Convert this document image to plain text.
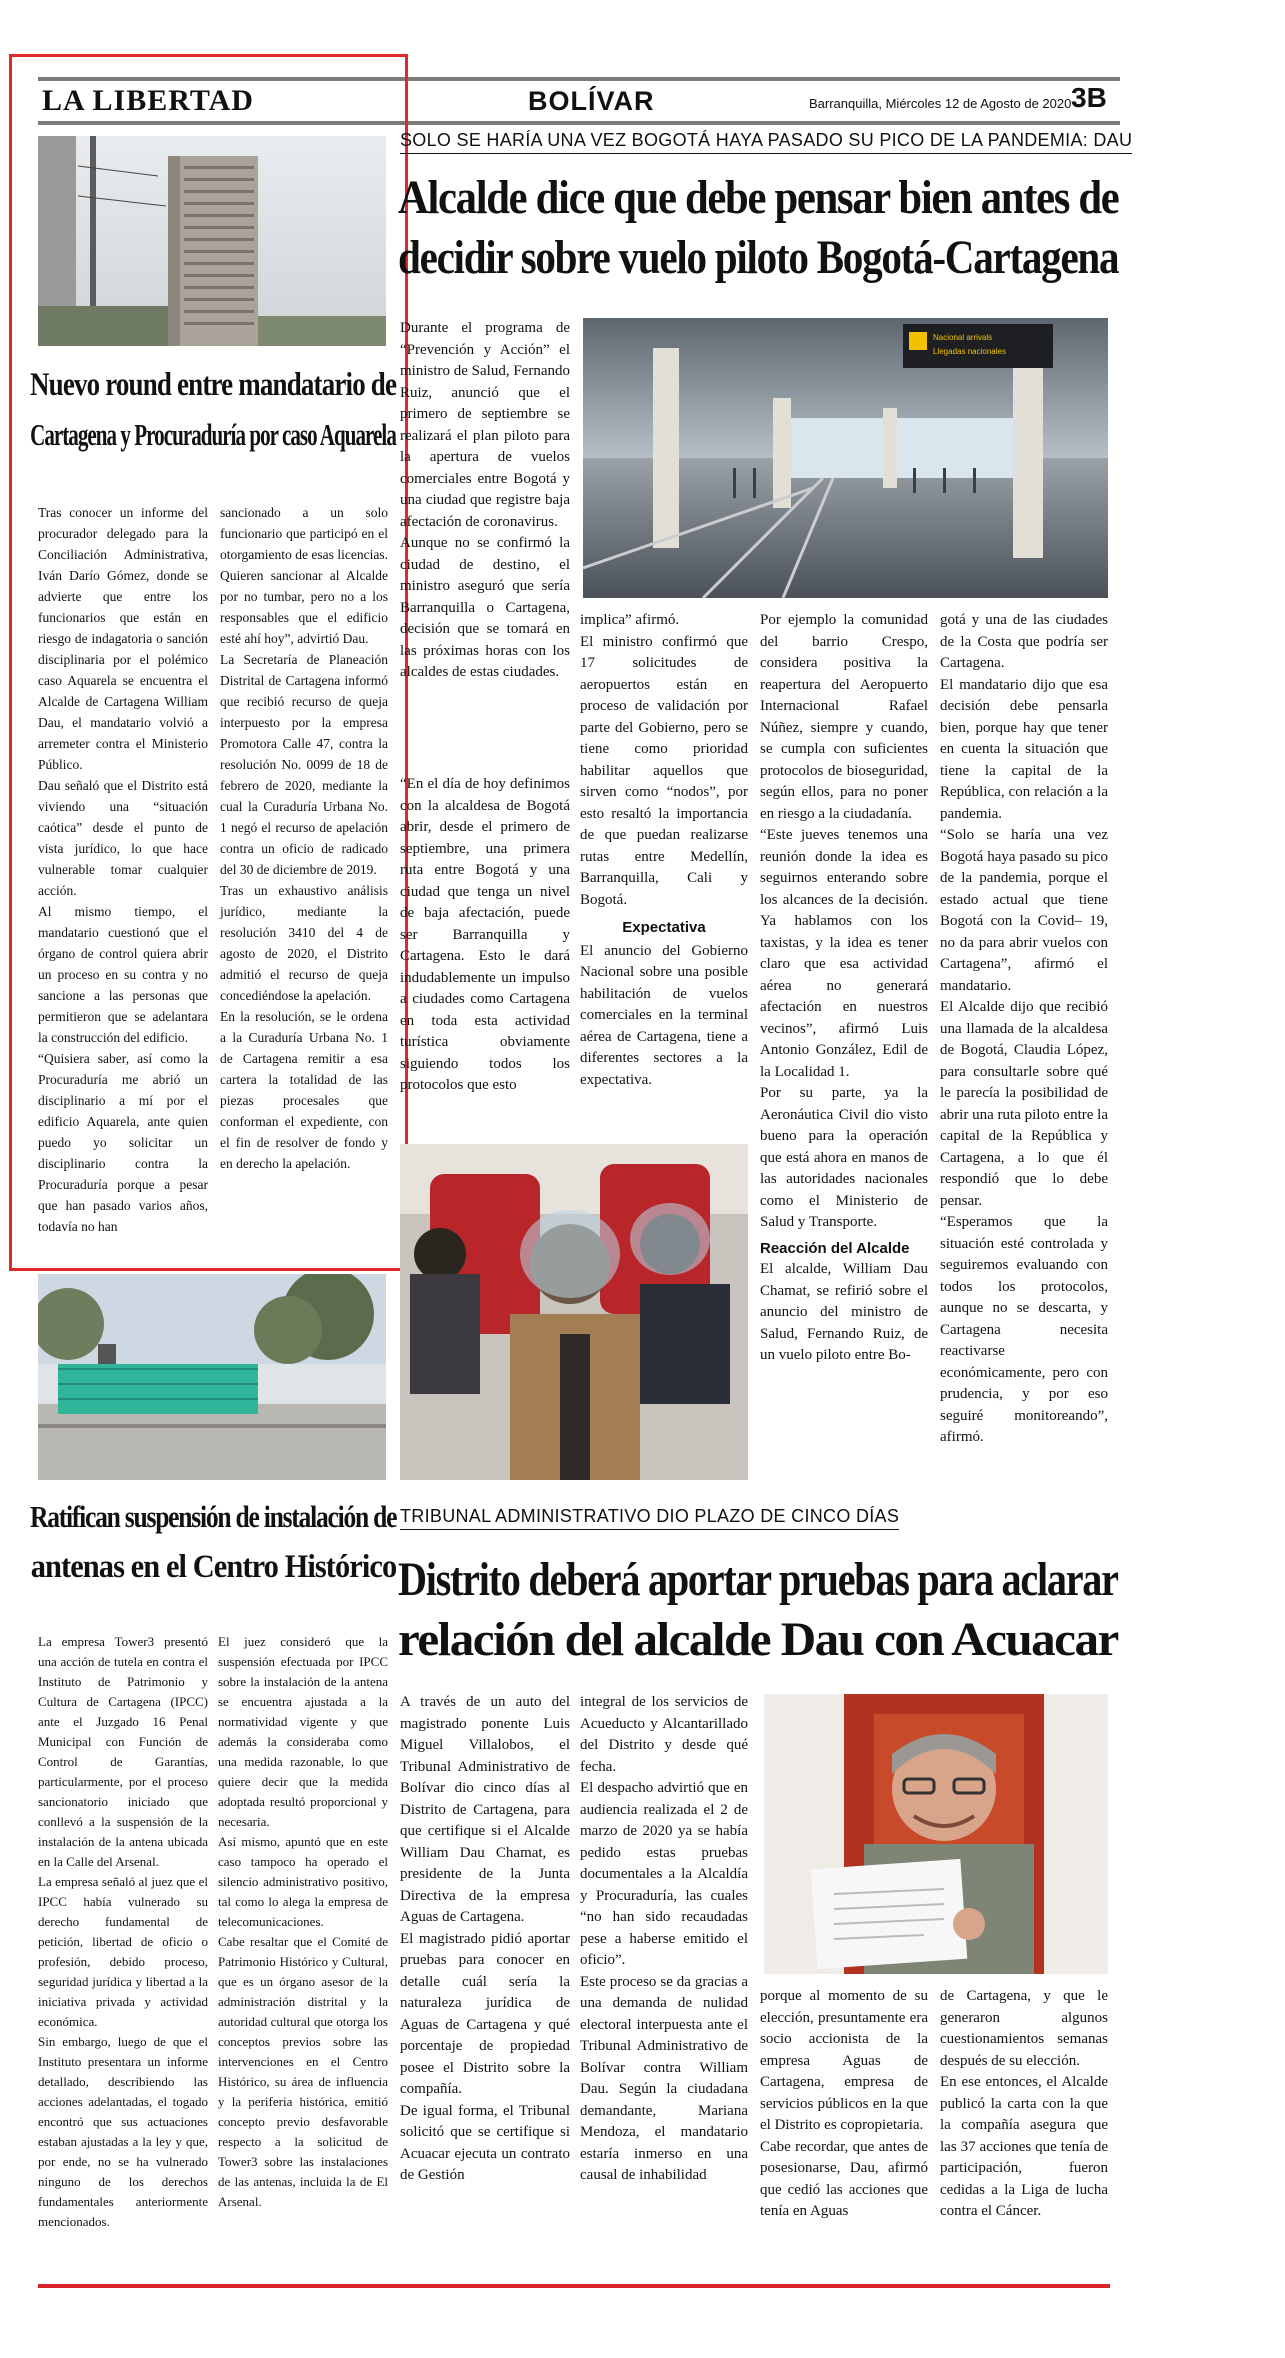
LA LIBERTAD	BOLÍVAR	Barranquilla, Miércoles 12 de Agosto de 2020 3B
Nuevo round entre mandatario de
Cartagena y Procuraduría por caso Aquarela

Tras conocer un informe del procurador delegado para la Conciliación Administrativa, Iván Darío Gómez, donde se advierte que entre los funcionarios que están en riesgo de indagatoria o sanción disciplinaria por el polémico caso Aquarela se encuentra el Alcalde de Cartagena William Dau, el mandatario volvió a arremeter contra el Ministerio Público.

Dau señaló que el Distrito está viviendo una “situación caótica” desde el punto de vista jurídico, lo que hace vulnerable tomar cualquier acción.

Al mismo tiempo, el mandatario cuestionó que el órgano de control quiera abrir un proceso en su contra y no sancione a las personas que permitieron que se adelantara la construcción del edificio.

“Quisiera saber, así como la Procuraduría me abrió un disciplinario a mí por el edificio Aquarela, ante quien puedo yo solicitar un disciplinario contra la Procuraduría porque a pesar que han pasado varios años, todavía no han

sancionado a un solo funcionario que participó en el otorgamiento de esas licencias. Quieren sancionar al Alcalde por no tumbar, pero no a los responsables que el edificio esté ahí hoy”, advirtió Dau.

La Secretaría de Planeación Distrital de Cartagena informó que recibió recurso de queja interpuesto por la empresa Promotora Calle 47, contra la resolución No. 0099 de 18 de febrero de 2020, mediante la cual la Curaduría Urbana No. 1 negó el recurso de apelación contra un oficio de radicado del 30 de diciembre de 2019.

Tras un exhaustivo análisis jurídico, mediante la resolución 3410 del 4 de agosto de 2020, el Distrito admitió el recurso de queja concediéndose la apelación.

En la resolución, se le ordena a la Curaduría Urbana No. 1 de Cartagena remitir a esa cartera la totalidad de las piezas procesales que conforman el expediente, con el fin de resolver de fondo y en derecho la apelación.

Ratifican suspensión de instalación de
antenas en el Centro Histórico

La empresa Tower3 presentó una acción de tutela en contra el Instituto de Patrimonio y Cultura de Cartagena (IPCC) ante el Juzgado 16 Penal Municipal con Función de Control de Garantías, particularmente, por el proceso sancionatorio iniciado que conllevó a la suspensión de la instalación de la antena ubicada en la Calle del Arsenal.

La empresa señaló al juez que el IPCC había vulnerado su derecho fundamental de petición, libertad de oficio o profesión, debido proceso, seguridad jurídica y libertad a la iniciativa privada y actividad económica.

Sin embargo, luego de que el Instituto presentara un informe detallado, describiendo las acciones adelantadas, el togado encontró que sus actuaciones estaban ajustadas a la ley y que, por ende, no se ha vulnerado ninguno de los derechos fundamentales anteriormente mencionados.

El juez consideró que la suspensión efectuada por IPCC sobre la instalación de la antena se encuentra ajustada a la normatividad vigente y que además la consideraba como una medida razonable, lo que quiere decir que la medida adoptada resultó proporcional y necesaria.

Así mismo, apuntó que en este caso tampoco ha operado el silencio administrativo positivo, tal como lo alega la empresa de telecomunicaciones.

Cabe resaltar que el Comité de Patrimonio Histórico y Cultural, que es un órgano asesor de la administración distrital y la autoridad cultural que otorga los conceptos previos sobre las intervenciones en el Centro Histórico, su área de influencia y la periferia histórica, emitió concepto previo desfavorable respecto a la solicitud de Tower3 sobre las instalaciones de las antenas, incluida la de El Arsenal.

SOLO SE HARÍA UNA VEZ BOGOTÁ HAYA PASADO SU PICO DE LA PANDEMIA: DAU
Alcalde dice que debe pensar bien antes de
decidir sobre vuelo piloto Bogotá-Cartagena
Nacional arrivals
Llegadas nacionales

Durante el programa de “Prevención y Acción” el ministro de Salud, Fernando Ruiz, anunció que el primero de septiembre se realizará el plan piloto para la apertura de vuelos comerciales entre Bogotá y una ciudad que registre baja afectación de coronavirus.

Aunque no se confirmó la ciudad de destino, el ministro aseguró que sería Barranquilla o Cartagena, decisión que se tomará en las próximas horas con los alcaldes de estas ciudades.

“En el día de hoy definimos con la alcaldesa de Bogotá abrir, desde el primero de septiembre, una primera ruta entre Bogotá y una ciudad que tenga un nivel de baja afectación, puede ser Barranquilla y Cartagena. Esto le dará indudablemente un impulso a ciudades como Cartagena en toda esta actividad turística obviamente siguiendo todos los protocolos que esto

implica” afirmó.

El ministro confirmó que 17 solicitudes de aeropuertos están en proceso de validación por parte del Gobierno, pero se tiene como prioridad habilitar aquellos que sirven como “nodos”, por esto resaltó la importancia de que puedan realizarse rutas entre Medellín, Barranquilla, Cali y Bogotá.

Expectativa

El anuncio del Gobierno Nacional sobre una posible habilitación de vuelos comerciales en la terminal aérea de Cartagena, tiene a diferentes sectores a la expectativa.

Por ejemplo la comunidad del barrio Crespo, considera positiva la reapertura del Aeropuerto Internacional Rafael Núñez, siempre y cuando, se cumpla con suficientes protocolos de bioseguridad, según ellos, para no poner en riesgo a la ciudadanía.

“Este jueves tenemos una reunión donde la idea es seguirnos enterando sobre los alcances de la decisión. Ya hablamos con los taxistas, y la idea es tener claro que esa actividad aérea no generará afectación en nuestros vecinos”, afirmó Luis Antonio González, Edil de la Localidad 1.

Por su parte, ya la Aeronáutica Civil dio visto bueno para la operación que está ahora en manos de las autoridades nacionales como el Ministerio de Salud y Transporte.

Reacción del Alcalde

El alcalde, William Dau Chamat, se refirió sobre el anuncio del ministro de Salud, Fernando Ruiz, de un vuelo piloto entre Bo-

gotá y una de las ciudades de la Costa que podría ser Cartagena.

El mandatario dijo que esa decisión debe pensarla bien, porque hay que tener en cuenta la situación que tiene la capital de la República, con relación a la pandemia.

“Solo se haría una vez Bogotá haya pasado su pico de la pandemia, porque el estado actual que tiene Bogotá con la Covid– 19, no da para abrir vuelos con Cartagena”, afirmó el mandatario.

El Alcalde dijo que recibió una llamada de la alcaldesa de Bogotá, Claudia López, para consultarle sobre qué le parecía la posibilidad de abrir una ruta piloto entre la capital de la República y Cartagena, a lo que él respondió que lo debe pensar.

“Esperamos que la situación esté controlada y seguiremos evaluando con todos los protocolos, aunque no se descarta, y Cartagena necesita reactivarse económicamente, pero con prudencia, y por eso seguiré monitoreando”, afirmó.

TRIBUNAL ADMINISTRATIVO DIO PLAZO DE CINCO DÍAS
Distrito deberá aportar pruebas para aclarar
relación del alcalde Dau con Acuacar

A través de un auto del magistrado ponente Luis Miguel Villalobos, el Tribunal Administrativo de Bolívar dio cinco días al Distrito de Cartagena, para que certifique si el Alcalde William Dau Chamat, es presidente de la Junta Directiva de la empresa Aguas de Cartagena.

El magistrado pidió aportar pruebas para conocer en detalle cuál sería la naturaleza jurídica de Aguas de Cartagena y qué porcentaje de propiedad posee el Distrito sobre la compañía.

De igual forma, el Tribunal solicitó que se certifique si Acuacar ejecuta un contrato de Gestión

integral de los servicios de Acueducto y Alcantarillado del Distrito y desde qué fecha.

El despacho advirtió que en audiencia realizada el 2 de marzo de 2020 ya se había pedido estas pruebas documentales a la Alcaldía y Procuraduría, las cuales “no han sido recaudadas pese a haberse emitido el oficio”.

Este proceso se da gracias a una demanda de nulidad electoral interpuesta ante el Tribunal Administrativo de Bolívar contra William Dau. Según la ciudadana demandante, Mariana Mendoza, el mandatario estaría inmerso en una causal de inhabilidad

porque al momento de su elección, presuntamente era socio accionista de la empresa Aguas de Cartagena, empresa de servicios públicos en la que el Distrito es copropietaria.

Cabe recordar, que antes de posesionarse, Dau, afirmó que cedió las acciones que tenía en Aguas

de Cartagena, y que le generaron algunos cuestionamientos semanas después de su elección.

En ese entonces, el Alcalde publicó la carta con la que la compañía asegura que las 37 acciones que tenía de participación, fueron cedidas a la Liga de lucha contra el Cáncer.
